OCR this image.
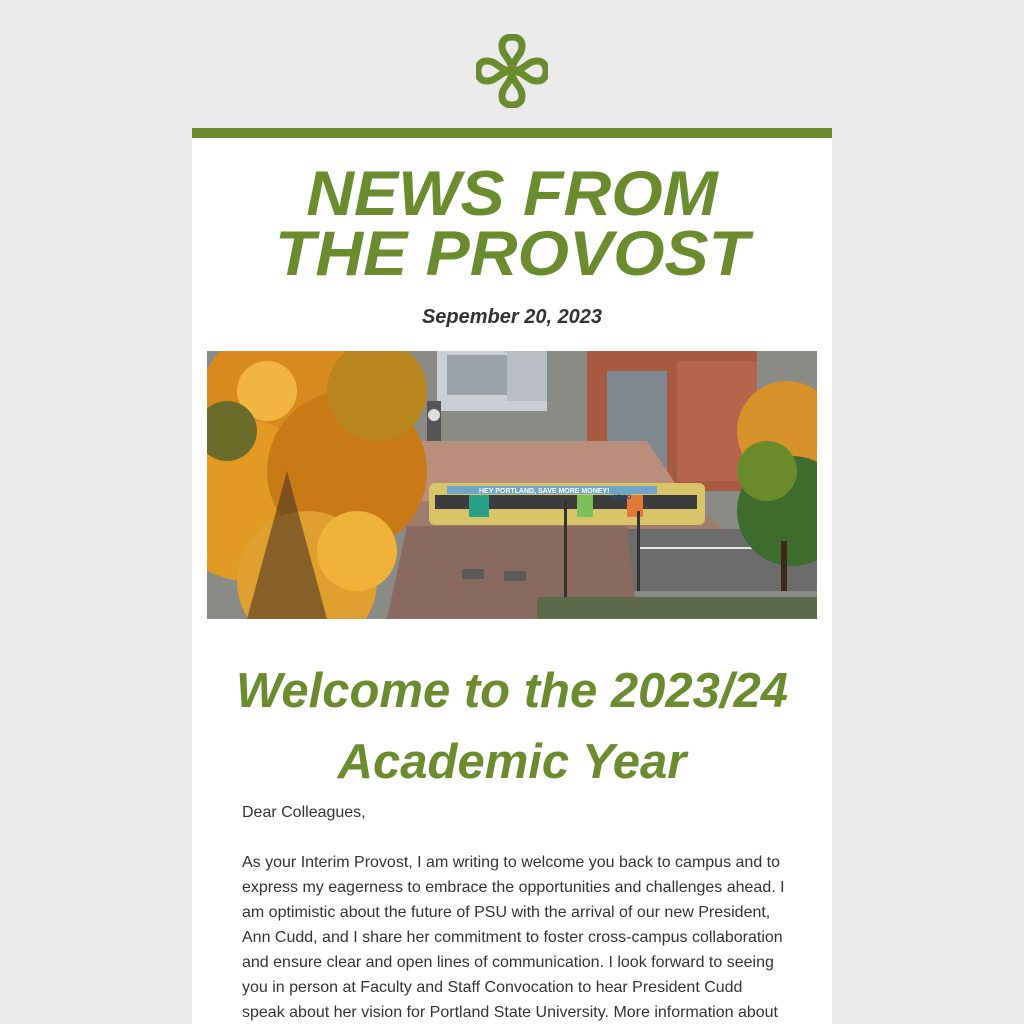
NEWS FROM
THE PROVOST
Sepember 20, 2023
HEY PORTLAND, SAVE MORE MONEY!
GEICO
Welcome to the 2023/24
Academic Year

Dear Colleagues,

As your Interim Provost, I am writing to welcome you back to campus and to express my eagerness to embrace the opportunities and challenges ahead. I am optimistic about the future of PSU with the arrival of our new President, Ann Cudd, and I share her commitment to foster cross-campus collaboration and ensure clear and open lines of communication. I look forward to seeing you in person at Faculty and Staff Convocation to hear President Cudd speak about her vision for Portland State University. More information about
